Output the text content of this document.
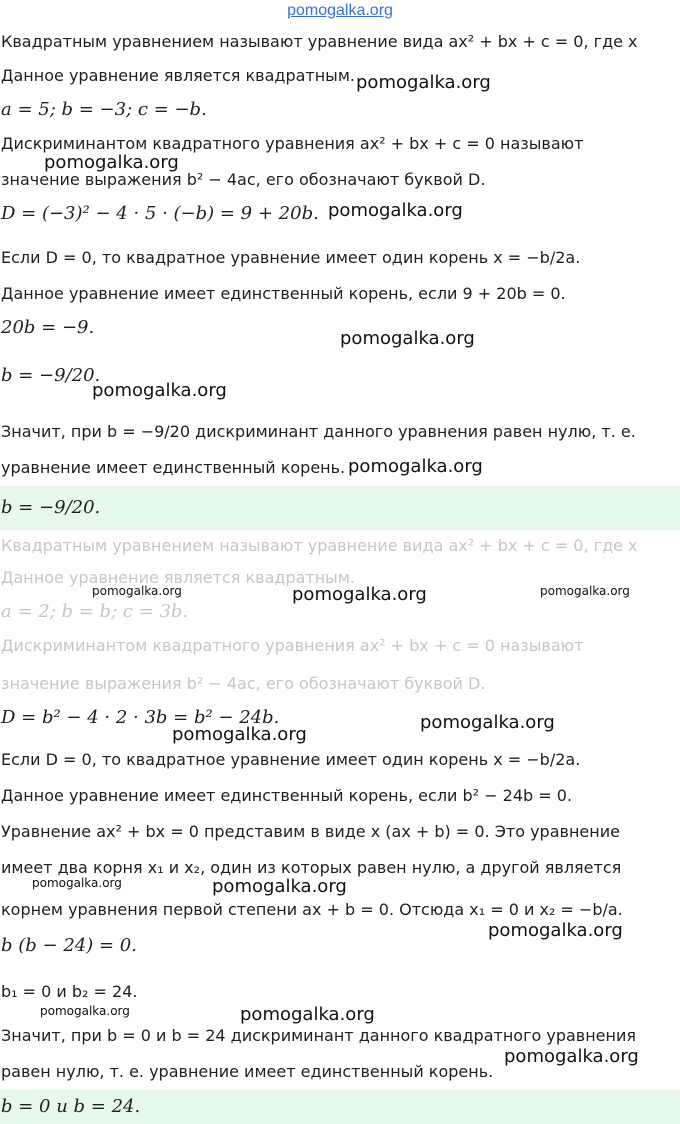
pomogalka.org
Квадратным уравнением называют уравнение вида ax² + bx + c = 0, где x
Данное уравнение является квадратным.
a = 5; b = −3; c = −b.
Дискриминантом квадратного уравнения ax² + bx + c = 0 называют
значение выражения b² − 4ac, его обозначают буквой D.
D = (−3)² − 4 · 5 · (−b) = 9 + 20b.
Если D = 0, то квадратное уравнение имеет один корень x = −b/2a.
Данное уравнение имеет единственный корень, если 9 + 20b = 0.
20b = −9.
b = −9/20.
Значит, при b = −9/20 дискриминант данного уравнения равен нулю, т. е.
уравнение имеет единственный корень.
b = −9/20.
Квадратным уравнением называют уравнение вида ax² + bx + c = 0, где x
Данное уравнение является квадратным.
a = 2; b = b; c = 3b.
Дискриминантом квадратного уравнения ax² + bx + c = 0 называют
значение выражения b² − 4ac, его обозначают буквой D.
D = b² − 4 · 2 · 3b = b² − 24b.
Если D = 0, то квадратное уравнение имеет один корень x = −b/2a.
Данное уравнение имеет единственный корень, если b² − 24b = 0.
Уравнение ax² + bx = 0 представим в виде x (ax + b) = 0. Это уравнение
имеет два корня x₁ и x₂, один из которых равен нулю, а другой является
корнем уравнения первой степени ax + b = 0. Отсюда x₁ = 0 и x₂ = −b/a.
b (b − 24) = 0.
b₁ = 0 и b₂ = 24.
Значит, при b = 0 и b = 24 дискриминант данного квадратного уравнения
равен нулю, т. е. уравнение имеет единственный корень.
b = 0 и b = 24.
pomogalka.org
pomogalka.org
pomogalka.org
pomogalka.org
pomogalka.org
pomogalka.org
pomogalka.org	pomogalka.org	pomogalka.org
pomogalka.org
pomogalka.org
pomogalka.org	pomogalka.org
pomogalka.org
pomogalka.org	pomogalka.org
pomogalka.org
